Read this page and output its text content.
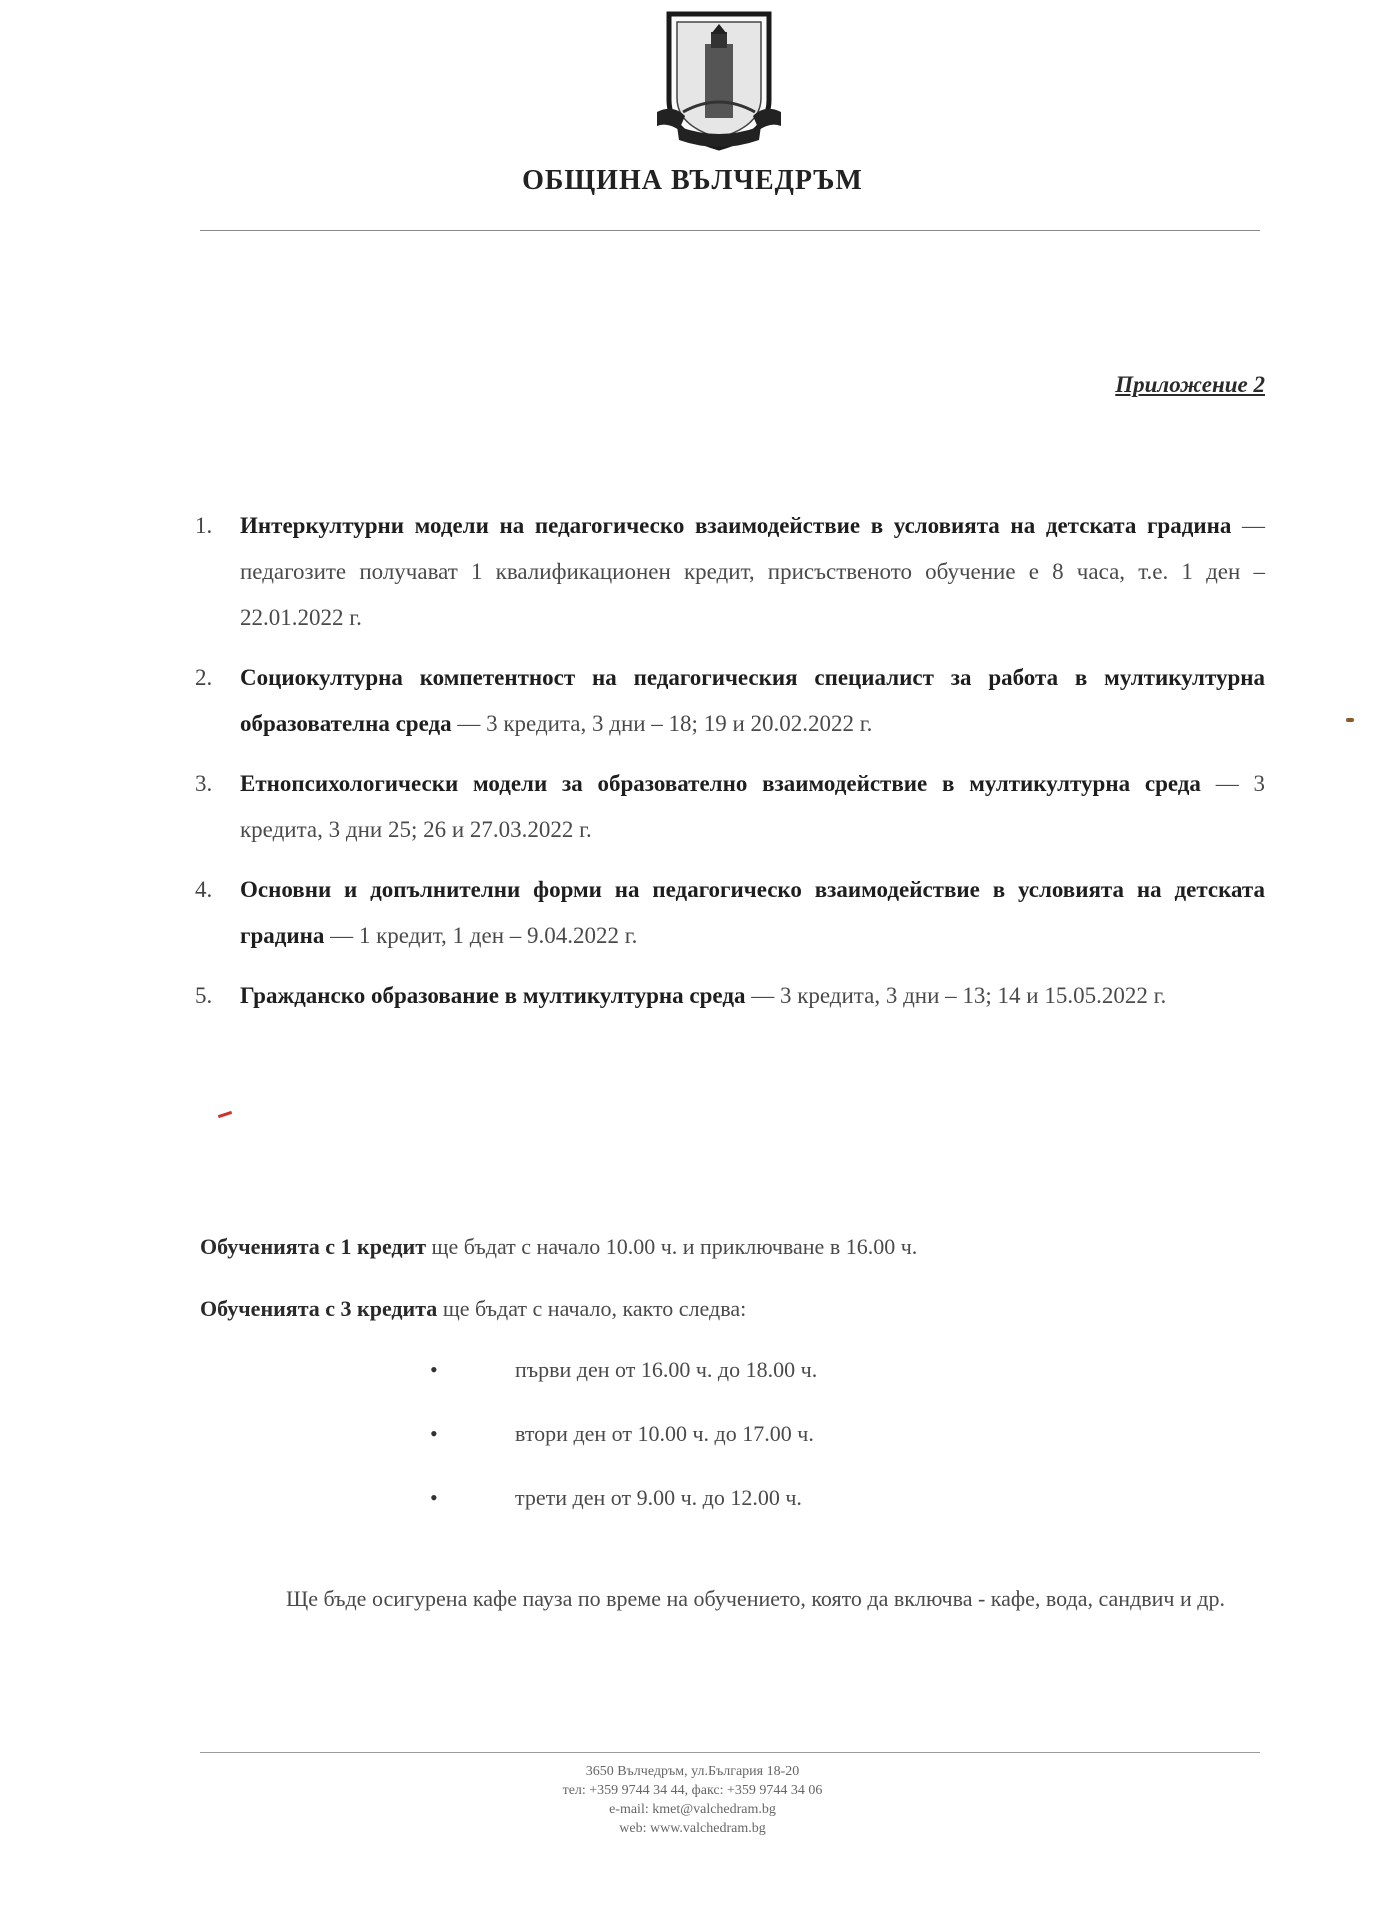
ОБЩИНА ВЪЛЧЕДРЪМ
Приложение 2
1. Интеркултурни модели на педагогическо взаимодействие в условията на детската градина — педагозите получават 1 квалификационен кредит, присъственото обучение е 8 часа, т.е. 1 ден – 22.01.2022 г.
2. Социокултурна компетентност на педагогическия специалист за работа в мултикултурна образователна среда — 3 кредита, 3 дни – 18; 19 и 20.02.2022 г.
3. Етнопсихологически модели за образователно взаимодействие в мултикултурна среда — 3 кредита, 3 дни 25; 26 и 27.03.2022 г.
4. Основни и допълнителни форми на педагогическо взаимодействие в условията на детската градина — 1 кредит, 1 ден – 9.04.2022 г.
5. Гражданско образование в мултикултурна среда — 3 кредита, 3 дни – 13; 14 и 15.05.2022 г.
Обученията с 1 кредит ще бъдат с начало 10.00 ч. и приключване в 16.00 ч.
Обученията с 3 кредита ще бъдат с начало, както следва:
•	първи ден от 16.00 ч. до 18.00 ч.
•	втори ден от 10.00 ч. до 17.00 ч.
•	трети ден от 9.00 ч. до 12.00 ч.
Ще бъде осигурена кафе пауза по време на обучението, която да включва - кафе, вода, сандвич и др.
3650 Вълчедръм, ул.България 18-20
тел: +359 9744 34 44, факс: +359 9744 34 06
e-mail: kmet@valchedram.bg
web: www.valchedram.bg
